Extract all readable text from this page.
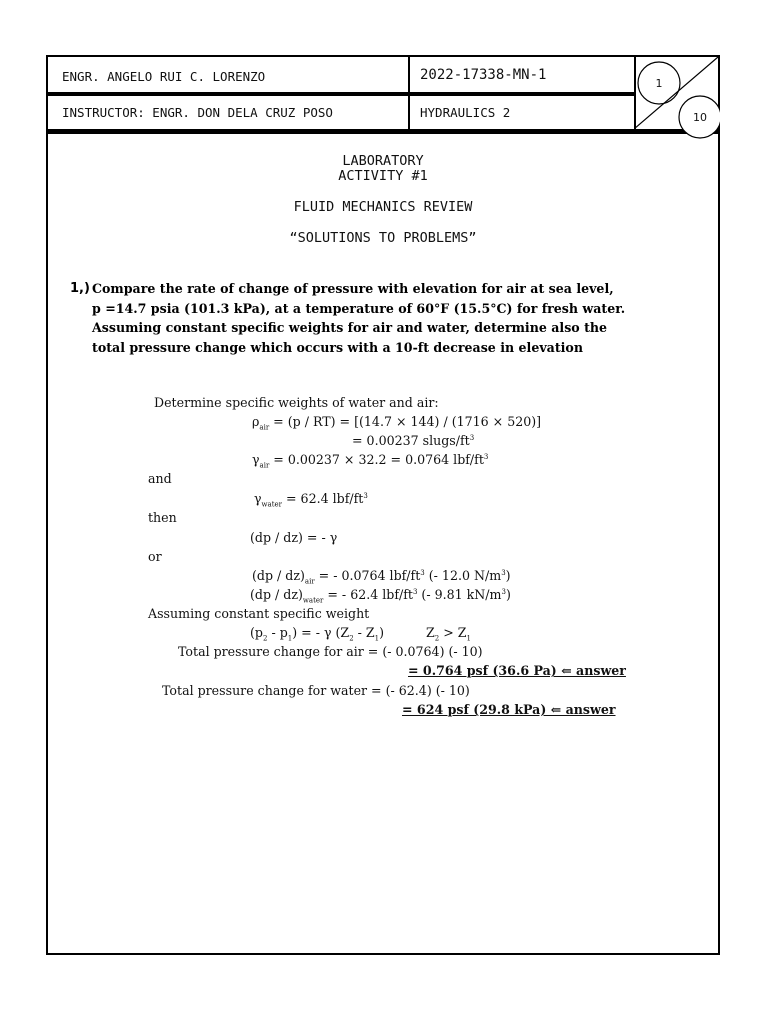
ENGR. ANGELO RUI C. LORENZO	2022-17338-MN-1
INSTRUCTOR: ENGR. DON DELA CRUZ POSO	HYDRAULICS 2
1
10
LABORATORY
ACTIVITY #1
FLUID MECHANICS REVIEW
“SOLUTIONS TO PROBLEMS”
1,) Compare the rate of change of pressure with elevation for air at sea level,
p =14.7 psia (101.3 kPa), at a temperature of 60°F (15.5°C) for fresh water.
Assuming constant specific weights for air and water, determine also the
total pressure change which occurs with a 10-ft decrease in elevation
Determine specific weights of water and air:
$\rho_{air} = (p / RT) = [(14.7 \times 144) / (1716 \times 520)]$
= 0.00237 slugs/$ft^3$
$\gamma_{air} = 0.00237 \times 32.2 = 0.0764$ lbf/$ft^3$
and
$\gamma_{water} = 62.4$ lbf/$ft^3$
then
(dp / dz) = - γ
or
$(dp / dz)_{air}$ = - 0.0764 lbf/$ft^3$ (- 12.0 $N/m^3$)
$(dp / dz)_{water}$ = - 62.4 lbf/$ft^3$ (- 9.81 $kN/m^3$)
Assuming constant specific weight
$(p_2 - p_1)$ = - γ $(Z_2 - Z_1)$	$Z_2 > Z_1$
Total pressure change for air = (- 0.0764) (- 10)
= 0.764 psf (36.6 Pa) ⇐ answer
Total pressure change for water = (- 62.4) (- 10)
= 624 psf (29.8 kPa) ⇐ answer
